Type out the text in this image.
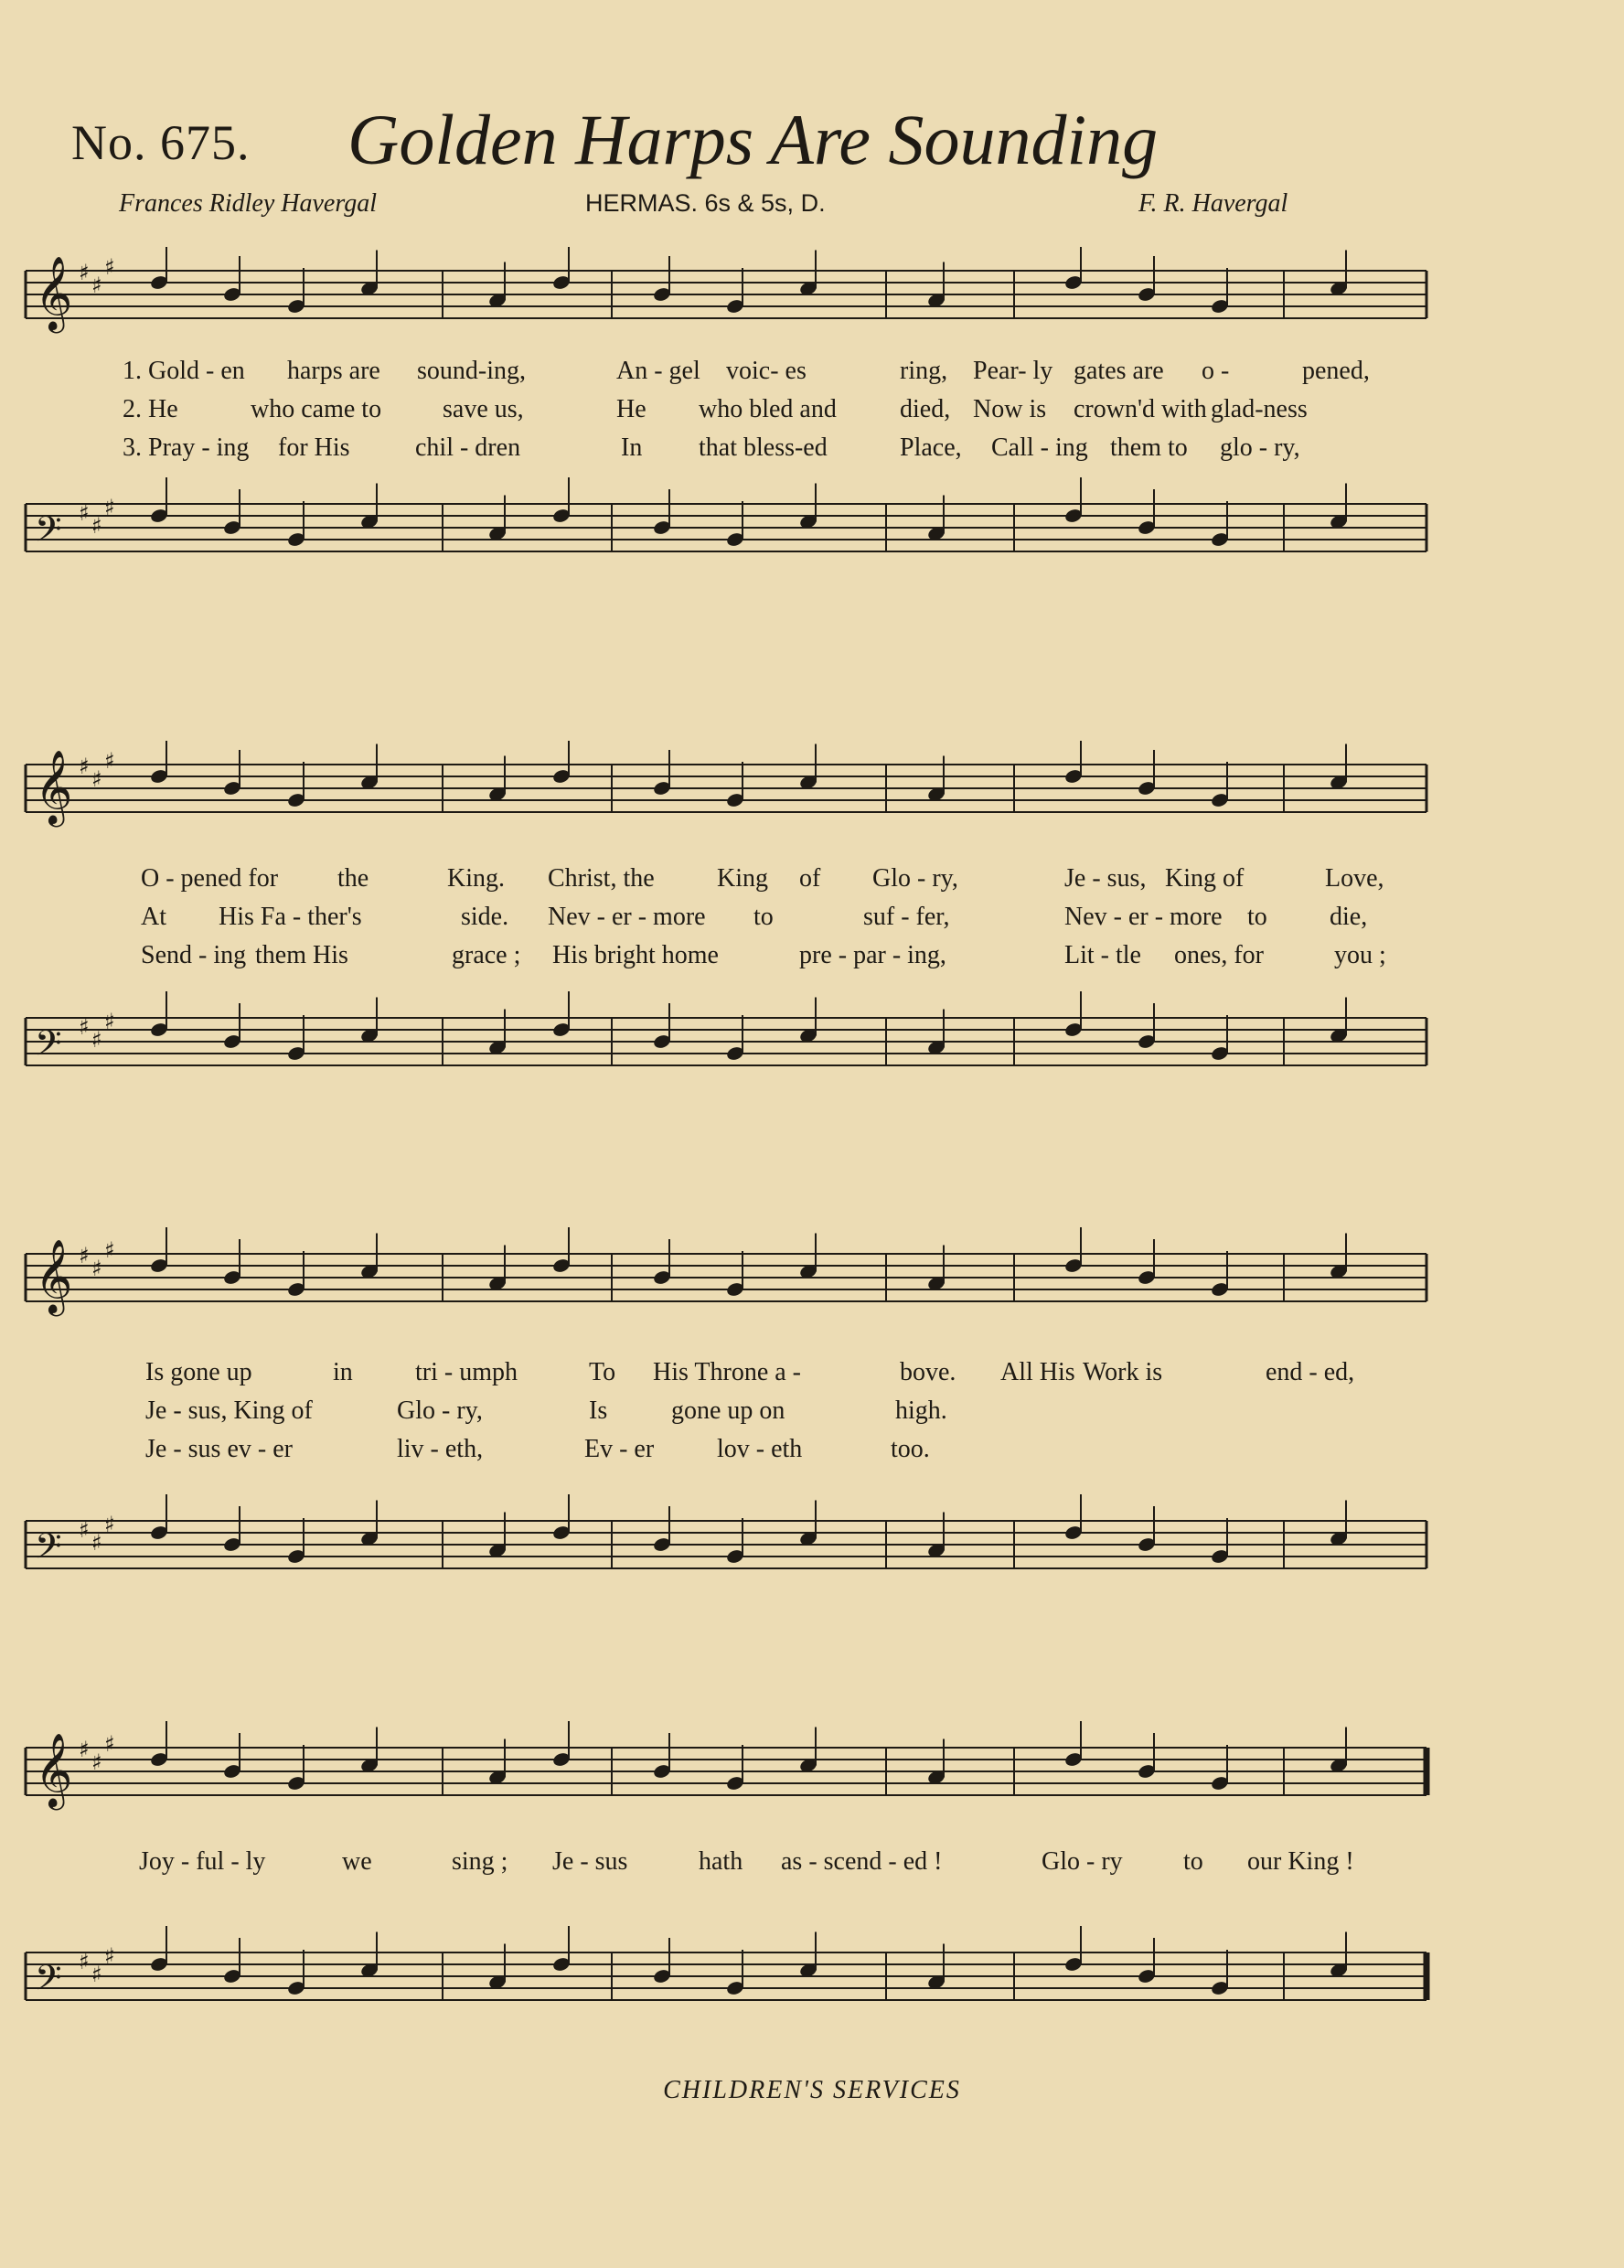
No. 675. Golden Harps Are Sounding
Frances Ridley Havergal	HERMAS. 6s & 5s, D.	F. R. Havergal
𝄞 ♯ ♯
♯
1. Gold - en harps are sound-ing,	An - gel voic- es	ring, Pear- ly gates are o -	pened,
2. He	who came to save us,	He who bled and died, Now is crown'd with glad-ness
3. Pray - ing for His	chil - dren	In that bless-ed	Place, Call - ing them to glo - ry,
𝄢 ♯ ♯
♯
𝄞 ♯ ♯
♯
O - pened for the	King. Christ, the King of Glo - ry,	Je - sus, King of	Love,
At His Fa - ther's	side. Nev - er - more to	suf - fer,	Nev - er - more to die,
Send - ing them His	grace ; His bright home	pre - par - ing,	Lit - tle ones, for	you ;
𝄢 ♯ ♯
♯
𝄞 ♯ ♯
♯
Is gone up	in tri - umph	To His Throne a -	bove. All His Work is	end - ed,
Je - sus, King of	Glo - ry,	Is gone up on	high.
Je - sus ev - er	liv - eth,	Ev - er lov - eth	too.
𝄢 ♯ ♯
♯
𝄞 ♯ ♯
♯
Joy - ful - ly	we	sing ; Je - sus	hath as - scend - ed !	Glo - ry to our King !
𝄢 ♯ ♯
♯
CHILDREN'S SERVICES
